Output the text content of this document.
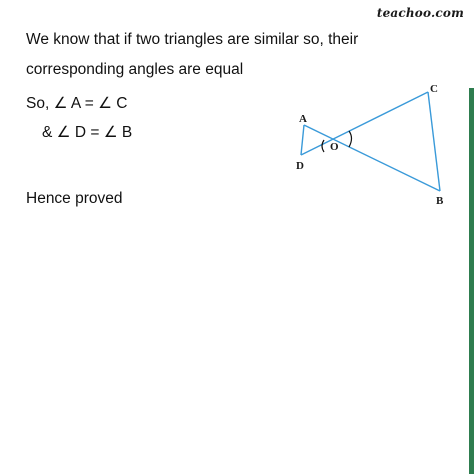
teachoo.com
We know that if two triangles are similar so, their
corresponding angles are equal
So, ∠ A = ∠ C
& ∠ D = ∠ B
Hence proved
A
D
O
C
B
